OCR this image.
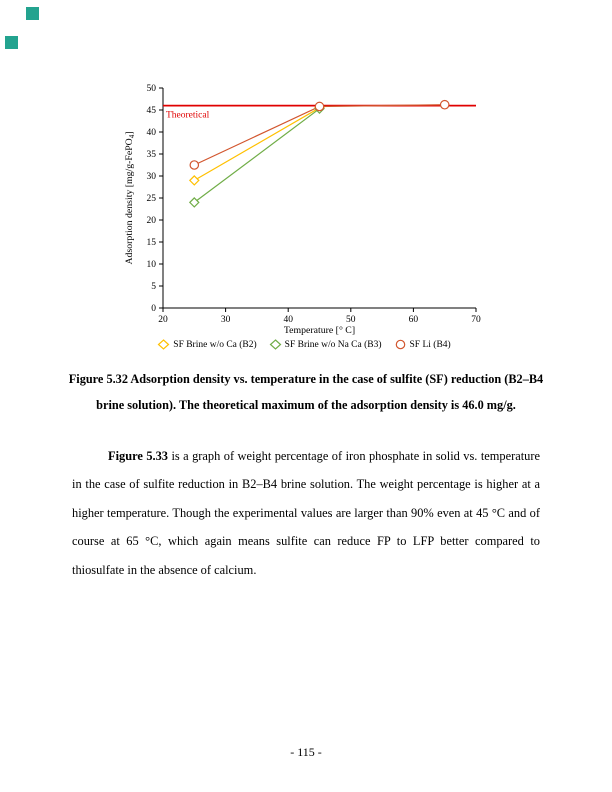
0
5
10
15
20
25
30
35
40
45
50
20	30	40	50	60	70
Theoretical
Temperature [° C]
Adsorption density [mg/g-FePO$_4$]
SF Brine w/o Ca (B2)	SF Brine w/o Na Ca (B3)	SF Li (B4)
Figure 5.32 Adsorption density vs. temperature in the case of sulfite (SF) reduction (B2–B4
brine solution). The theoretical maximum of the adsorption density is 46.0 mg/g.

Figure 5.33 is a graph of weight percentage of iron phosphate in solid vs. temperature in the case of sulfite reduction in B2–B4 brine solution. The weight percentage is higher at a higher temperature. Though the experimental values are larger than 90% even at 45 °C and of course at 65 °C, which again means sulfite can reduce FP to LFP better compared to thiosulfate in the absence of calcium.

- 115 -
